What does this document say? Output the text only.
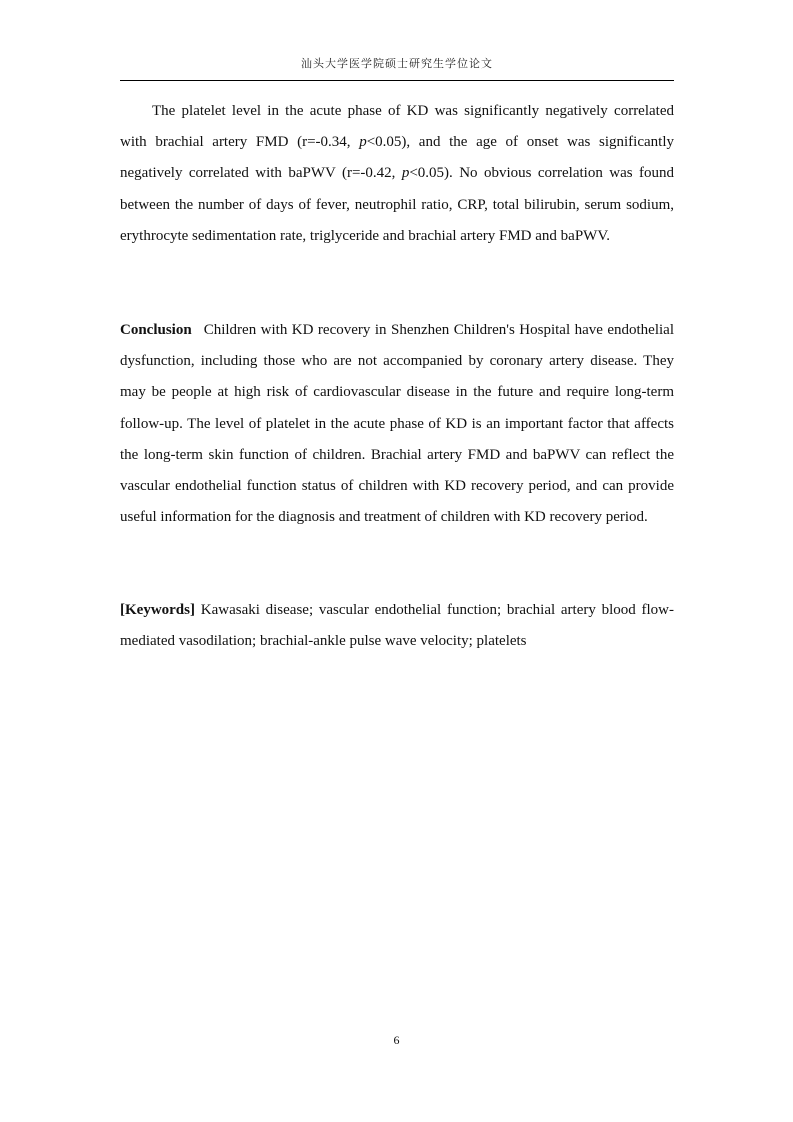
汕头大学医学院硕士研究生学位论文

The platelet level in the acute phase of KD was significantly negatively correlated with brachial artery FMD (r=-0.34, p<0.05), and the age of onset was significantly negatively correlated with baPWV (r=-0.42, p<0.05). No obvious correlation was found between the number of days of fever, neutrophil ratio, CRP, total bilirubin, serum sodium, erythrocyte sedimentation rate, triglyceride and brachial artery FMD and baPWV.

Conclusion Children with KD recovery in Shenzhen Children's Hospital have endothelial dysfunction, including those who are not accompanied by coronary artery disease. They may be people at high risk of cardiovascular disease in the future and require long-term follow-up. The level of platelet in the acute phase of KD is an important factor that affects the long-term skin function of children. Brachial artery FMD and baPWV can reflect the vascular endothelial function status of children with KD recovery period, and can provide useful information for the diagnosis and treatment of children with KD recovery period.

[Keywords] Kawasaki disease; vascular endothelial function; brachial artery blood flow-mediated vasodilation; brachial-ankle pulse wave velocity; platelets

6
